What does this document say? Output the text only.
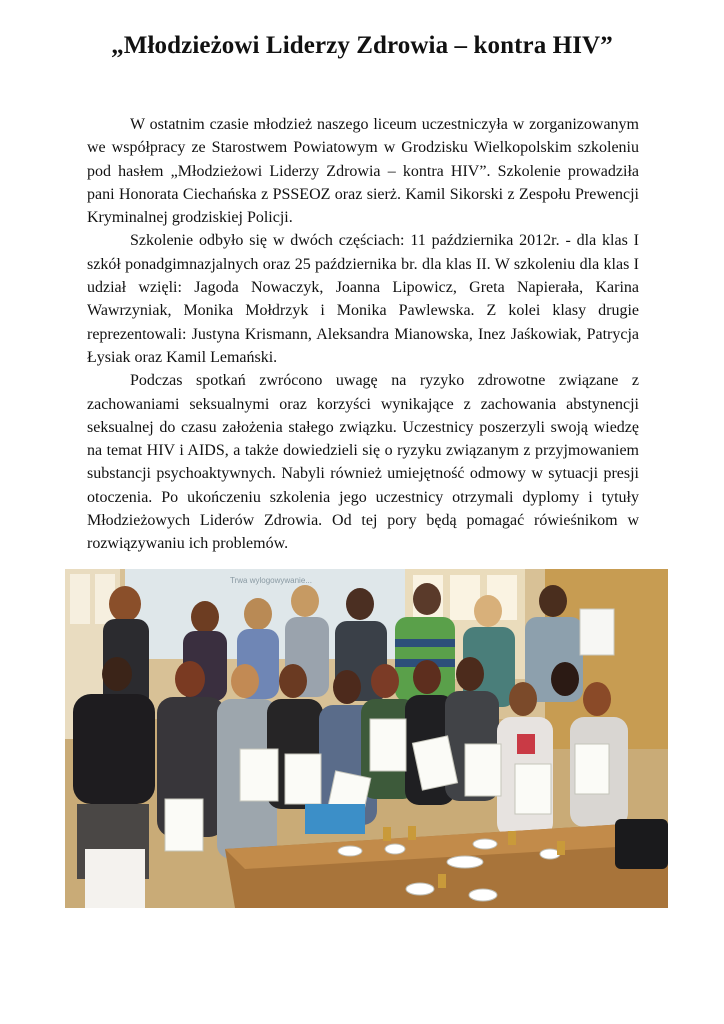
„Młodzieżowi Liderzy Zdrowia – kontra HIV”

W ostatnim czasie młodzież naszego liceum uczestniczyła w zorganizowanym we współpracy ze Starostwem Powiatowym w Grodzisku Wielkopolskim szkoleniu pod hasłem „Młodzieżowi Liderzy Zdrowia – kontra HIV”. Szkolenie prowadziła pani Honorata Ciechańska z PSSEOZ oraz sierż. Kamil Sikorski z Zespołu Prewencji Kryminalnej grodziskiej Policji.

Szkolenie odbyło się w dwóch częściach: 11 października 2012r. - dla klas I szkół ponadgimnazjalnych oraz 25 października br. dla klas II. W szkoleniu dla klas I udział wzięli: Jagoda Nowaczyk, Joanna Lipowicz, Greta Napierała, Karina Wawrzyniak, Monika Mołdrzyk i Monika Pawlewska. Z kolei klasy drugie reprezentowali: Justyna Krismann, Aleksandra Mianowska, Inez Jaśkowiak, Patrycja Łysiak oraz Kamil Lemański.

Podczas spotkań zwrócono uwagę na ryzyko zdrowotne związane z zachowaniami seksualnymi oraz korzyści wynikające z zachowania abstynencji seksualnej do czasu założenia stałego związku. Uczestnicy poszerzyli swoją wiedzę na temat HIV i AIDS, a także dowiedzieli się o ryzyku związanym z przyjmowaniem substancji psychoaktywnych. Nabyli również umiejętność odmowy w sytuacji presji otoczenia. Po ukończeniu szkolenia jego uczestnicy otrzymali dyplomy i tytuły Młodzieżowych Liderów Zdrowia. Od tej pory będą pomagać rówieśnikom w rozwiązywaniu ich problemów.

Trwa wylogowywanie...
